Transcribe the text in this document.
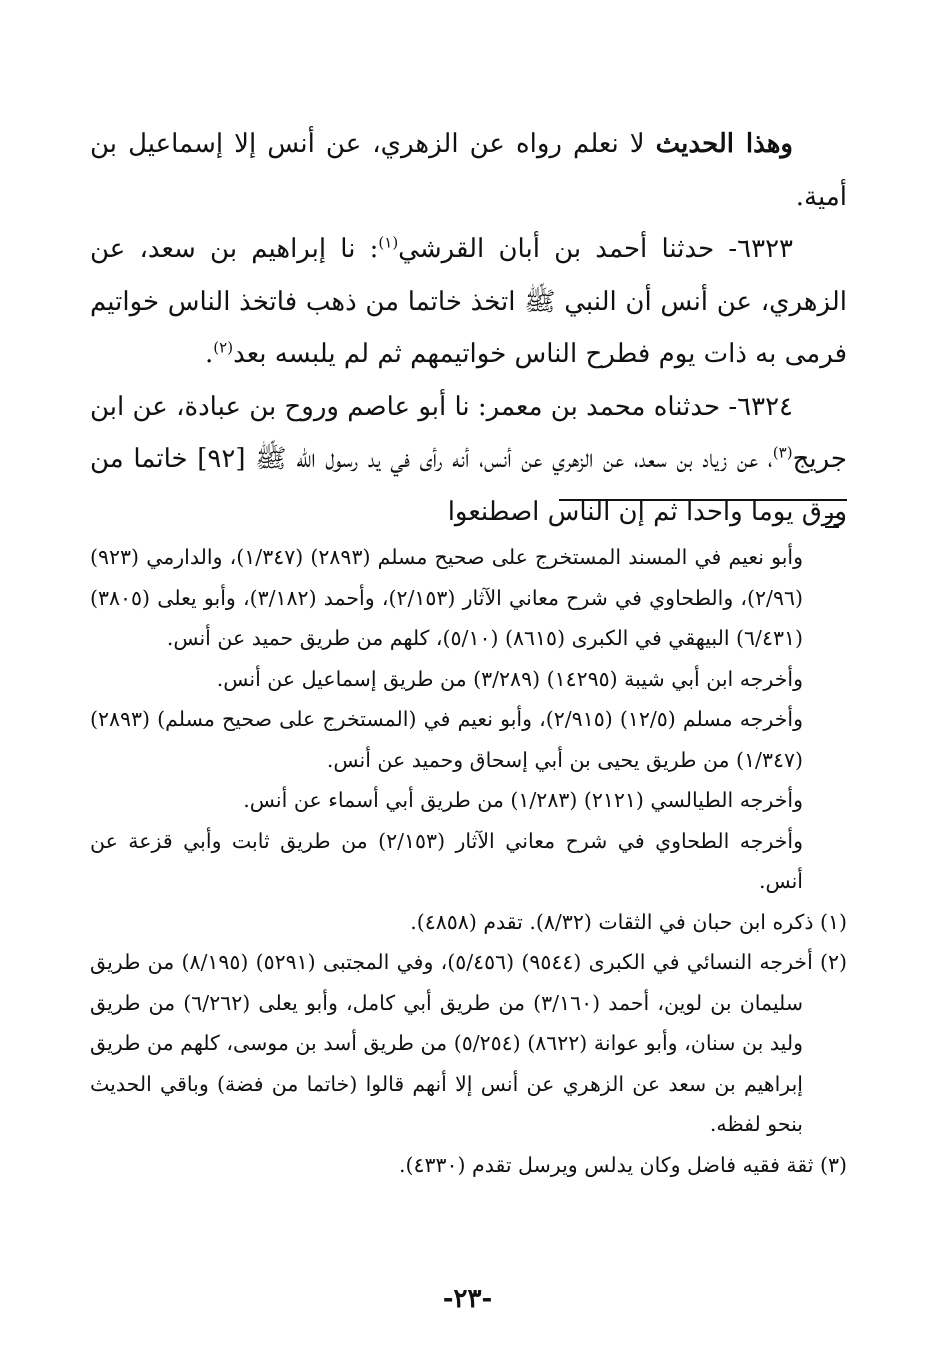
وهذا الحديث لا نعلم رواه عن الزهري، عن أنس إلا إسماعيل بن أمية.

٦٣٢٣- حدثنا أحمد بن أبان القرشي$^{(١)}$: نا إبراهيم بن سعد، عن الزهري، عن أنس أن النبي ﷺ اتخذ خاتما من ذهب فاتخذ الناس خواتيم فرمى به ذات يوم فطرح الناس خواتيمهم ثم لم يلبسه بعد$^{(٢)}$.

٦٣٢٤- حدثناه محمد بن معمر: نا أبو عاصم وروح بن عبادة، عن ابن جريج$^{(٣)}$، عن زياد بن سعد، عن الزهري عن أنس، أنه رأى في يد رسول الله ﷺ [٩٢] خاتما من ورق يوما واحدا ثم إن الناس اصطنعوا

وأبو نعيم في المسند المستخرج على صحيح مسلم (٢٨٩٣) (١/٣٤٧)، والدارمي (٩٢٣) (٢/٩٦)، والطحاوي في شرح معاني الآثار (٢/١٥٣)، وأحمد (٣/١٨٢)، وأبو يعلى (٣٨٠٥) (٦/٤٣١) البيهقي في الكبرى (٨٦١٥) (٥/١٠)، كلهم من طريق حميد عن أنس.

وأخرجه ابن أبي شيبة (١٤٢٩٥) (٣/٢٨٩) من طريق إسماعيل عن أنس.

وأخرجه مسلم (١٢/٥) (٢/٩١٥)، وأبو نعيم في (المستخرج على صحيح مسلم) (٢٨٩٣) (١/٣٤٧) من طريق يحيى بن أبي إسحاق وحميد عن أنس.

وأخرجه الطيالسي (٢١٢١) (١/٢٨٣) من طريق أبي أسماء عن أنس.

وأخرجه الطحاوي في شرح معاني الآثار (٢/١٥٣) من طريق ثابت وأبي قزعة عن أنس.

(١) ذكره ابن حبان في الثقات (٨/٣٢). تقدم (٤٨٥٨).

(٢) أخرجه النسائي في الكبرى (٩٥٤٤) (٥/٤٥٦)، وفي المجتبى (٥٢٩١) (٨/١٩٥) من طريق سليمان بن لوين، أحمد (٣/١٦٠) من طريق أبي كامل، وأبو يعلى (٦/٢٦٢) من طريق وليد بن سنان، وأبو عوانة (٨٦٢٢) (٥/٢٥٤) من طريق أسد بن موسى، كلهم من طريق إبراهيم بن سعد عن الزهري عن أنس إلا أنهم قالوا (خاتما من فضة) وباقي الحديث بنحو لفظه.

(٣) ثقة فقيه فاضل وكان يدلس ويرسل تقدم (٤٣٣٠).

-٢٣-
